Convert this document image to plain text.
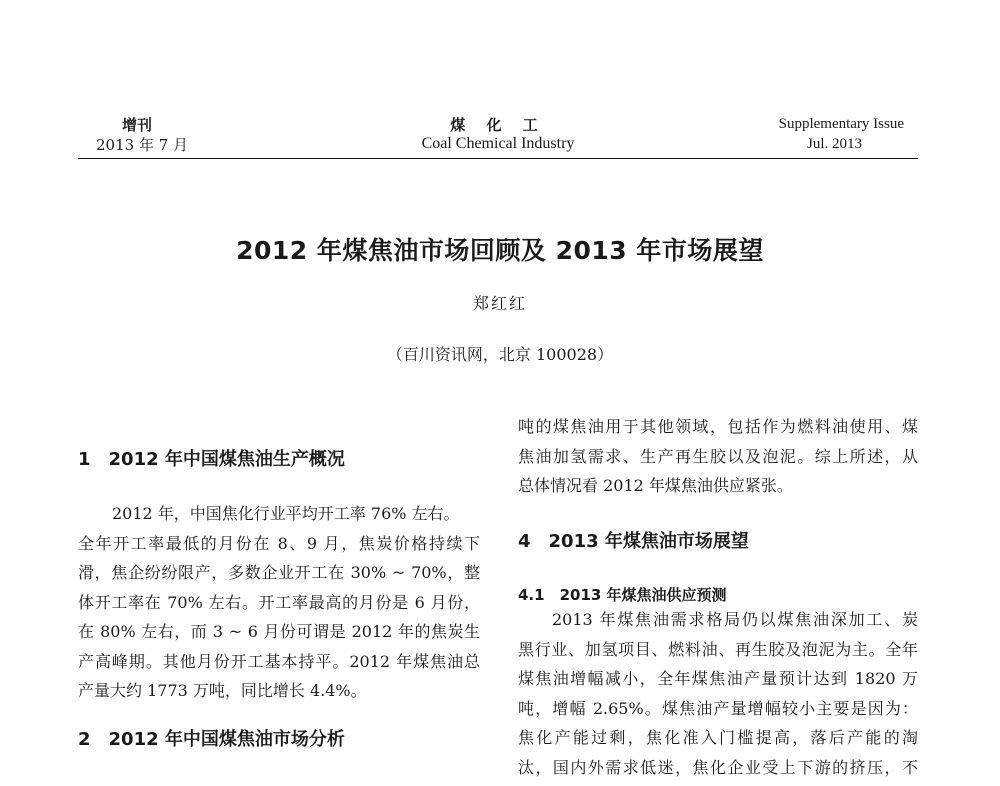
增刊
2013 年 7 月
煤 化 工
Coal Chemical Industry
Supplementary Issue
Jul. 2013
2012 年煤焦油市场回顾及 2013 年市场展望
郑红红
（百川资讯网，北京 100028）
1　2012 年中国煤焦油生产概况
2012 年，中国焦化行业平均开工率 76% 左右。
全年开工率最低的月份在 8、9 月，焦炭价格持续下
滑，焦企纷纷限产，多数企业开工在 30% ~ 70%，整
体开工率在 70% 左右。开工率最高的月份是 6 月份，
在 80% 左右，而 3 ~ 6 月份可谓是 2012 年的焦炭生
产高峰期。其他月份开工基本持平。2012 年煤焦油总
产量大约 1773 万吨，同比增长 4.4%。
2　2012 年中国煤焦油市场分析
吨的煤焦油用于其他领域，包括作为燃料油使用、煤
焦油加氢需求、生产再生胶以及泡泥。综上所述，从
总体情况看 2012 年煤焦油供应紧张。
4　2013 年煤焦油市场展望
4.1　2013 年煤焦油供应预测
2013 年煤焦油需求格局仍以煤焦油深加工、炭
黑行业、加氢项目、燃料油、再生胶及泡泥为主。全年
煤焦油增幅减小，全年煤焦油产量预计达到 1820 万
吨，增幅 2.65%。煤焦油产量增幅较小主要是因为：
焦化产能过剩，焦化准入门槛提高，落后产能的淘
汰，国内外需求低迷，焦化企业受上下游的挤压，不
